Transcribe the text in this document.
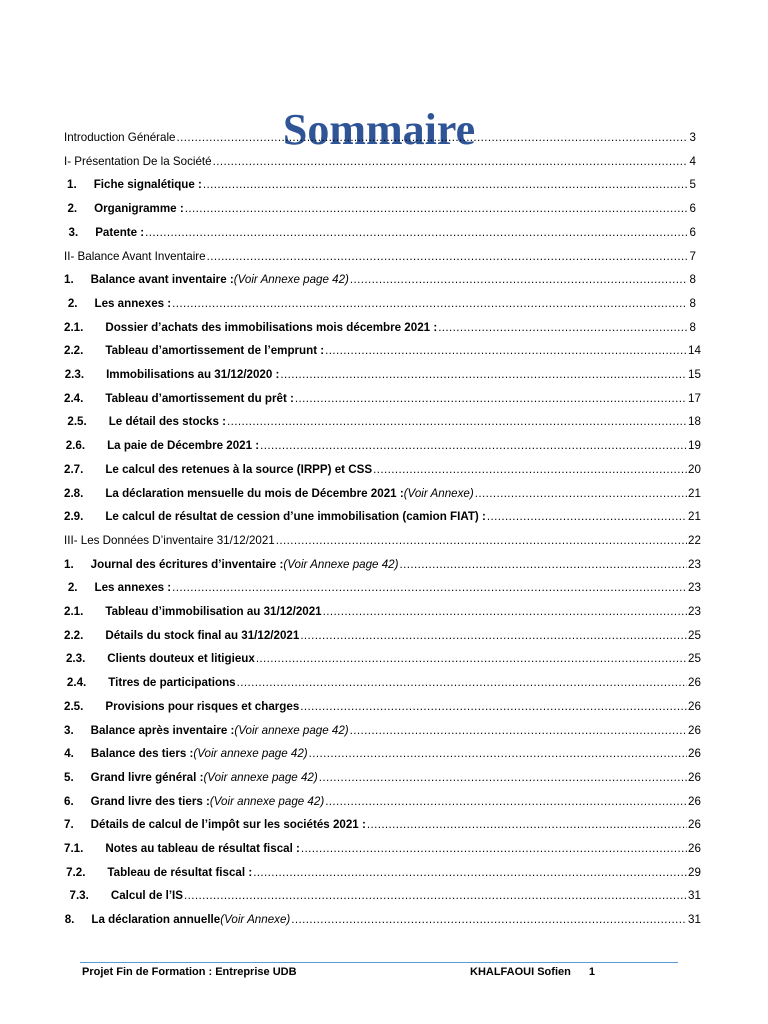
Sommaire
Introduction Générale .....	3
I- Présentation De la Société .....	4
1. Fiche signalétique : .....	5
2. Organigramme : .....	6
3. Patente : .....	6
II- Balance Avant Inventaire .....	7
1. Balance avant inventaire : (Voir Annexe page 42) .....	8
2. Les annexes : .....	8
2.1. Dossier d’achats des immobilisations mois décembre 2021 : .....	8
2.2. Tableau d’amortissement de l’emprunt : .....	14
2.3. Immobilisations au 31/12/2020 : .....	15
2.4. Tableau d’amortissement du prêt : .....	17
2.5. Le détail des stocks : .....	18
2.6. La paie de Décembre 2021 : .....	19
2.7. Le calcul des retenues à la source (IRPP) et CSS .....	20
2.8. La déclaration mensuelle du mois de Décembre 2021 : (Voir Annexe) .....	21
2.9. Le calcul de résultat de cession d’une immobilisation (camion FIAT) : .....	21
III- Les Données D’inventaire 31/12/2021 .....	22
1. Journal des écritures d’inventaire : (Voir Annexe page 42) .....	23
2. Les annexes : .....	23
2.1. Tableau d’immobilisation au 31/12/2021 .....	23
2.2. Détails du stock final au 31/12/2021 .....	25
2.3. Clients douteux et litigieux .....	25
2.4. Titres de participations .....	26
2.5. Provisions pour risques et charges .....	26
3. Balance après inventaire : (Voir annexe page 42) .....	26
4. Balance des tiers : (Voir annexe page 42) .....	26
5. Grand livre général : (Voir annexe page 42) .....	26
6. Grand livre des tiers : (Voir annexe page 42) .....	26
7. Détails de calcul de l’impôt sur les sociétés 2021 : .....	26
7.1. Notes au tableau de résultat fiscal : .....	26
7.2. Tableau de résultat fiscal : .....	29
7.3. Calcul de l’IS .....	31
8. La déclaration annuelle (Voir Annexe) .....	31
Projet Fin de Formation : Entreprise UDB	KHALFAOUI Sofien 1
